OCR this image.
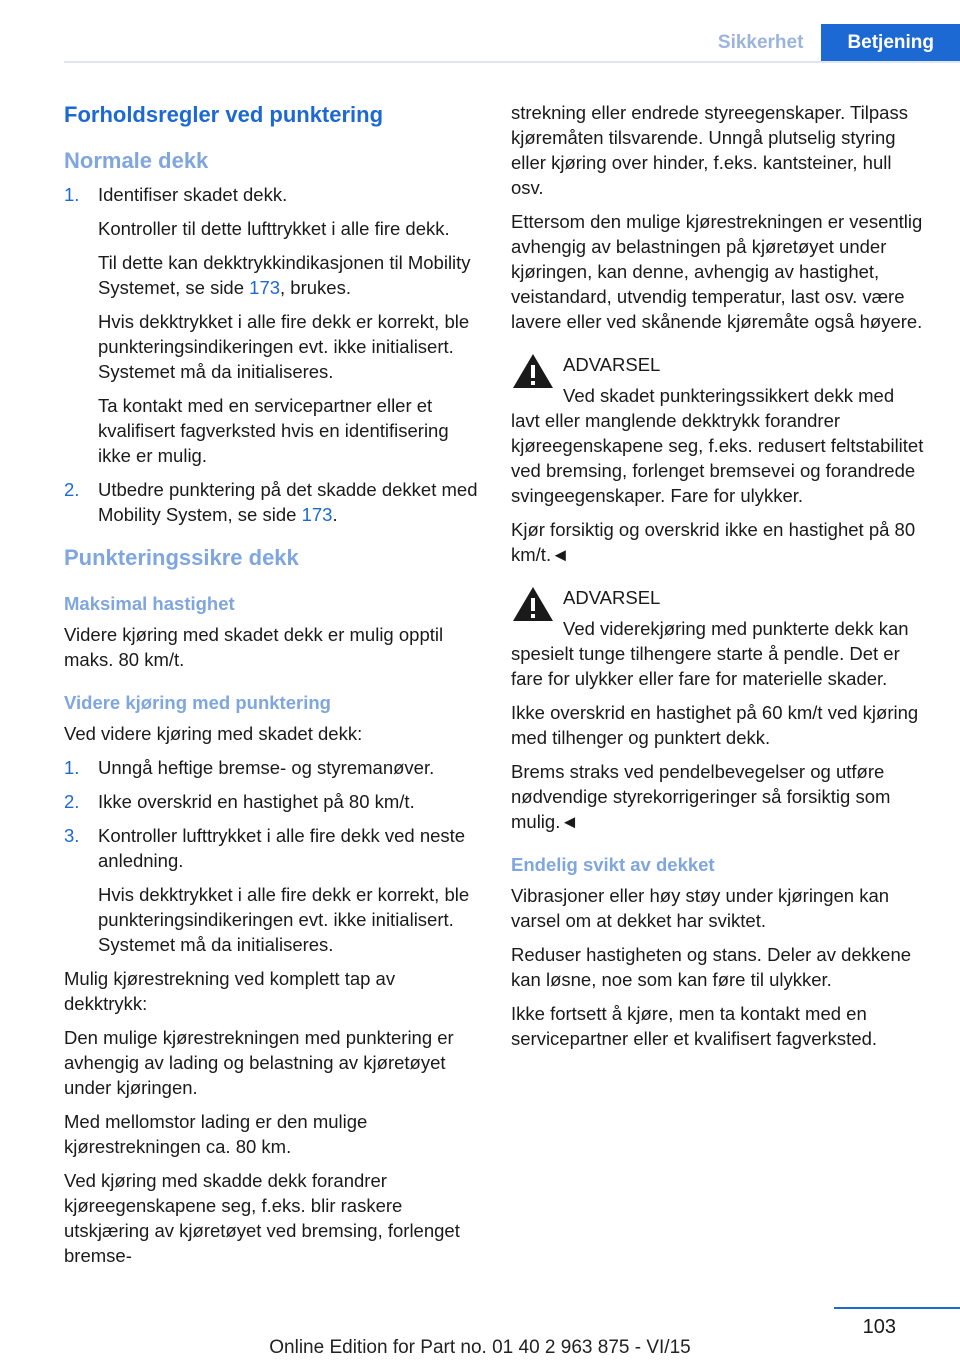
Sikkerhet	Betjening
Forholdsregler ved punktering
Normale dekk
1. Identifiser skadet dekk.

Kontroller til dette lufttrykket i alle fire dekk.

Til dette kan dekktrykkindikasjonen til Mobility Systemet, se side 173, brukes.

Hvis dekktrykket i alle fire dekk er korrekt, ble punkteringsindikeringen evt. ikke initialisert. Systemet må da initialiseres.

Ta kontakt med en servicepartner eller et kvalifisert fagverksted hvis en identifisering ikke er mulig.

2. Utbedre punktering på det skadde dekket med Mobility System, se side 173.

Punkteringssikre dekk
Maksimal hastighet

Videre kjøring med skadet dekk er mulig opptil maks. 80 km/t.

Videre kjøring med punktering

Ved videre kjøring med skadet dekk:

1. Unngå heftige bremse- og styremanøver.

2. Ikke overskrid en hastighet på 80 km/t.

3. Kontroller lufttrykket i alle fire dekk ved neste anledning.

Hvis dekktrykket i alle fire dekk er korrekt, ble punkteringsindikeringen evt. ikke initialisert. Systemet må da initialiseres.

Mulig kjørestrekning ved komplett tap av dekktrykk:

Den mulige kjørestrekningen med punktering er avhengig av lading og belastning av kjøretøyet under kjøringen.

Med mellomstor lading er den mulige kjørestrekningen ca. 80 km.

Ved kjøring med skadde dekk forandrer kjøreegenskapene seg, f.eks. blir raskere utskjæring av kjøretøyet ved bremsing, forlenget bremse-

strekning eller endrede styreegenskaper. Tilpass kjøremåten tilsvarende. Unngå plutselig styring eller kjøring over hinder, f.eks. kantsteiner, hull osv.

Ettersom den mulige kjørestrekningen er vesentlig avhengig av belastningen på kjøretøyet under kjøringen, kan denne, avhengig av hastighet, veistandard, utvendig temperatur, last osv. være lavere eller ved skånende kjøremåte også høyere.

ADVARSEL

Ved skadet punkteringssikkert dekk med lavt eller manglende dekktrykk forandrer kjøreegenskapene seg, f.eks. redusert feltstabilitet ved bremsing, forlenget bremsevei og forandrede svingeegenskaper. Fare for ulykker.

Kjør forsiktig og overskrid ikke en hastighet på 80 km/t.◄

ADVARSEL

Ved viderekjøring med punkterte dekk kan spesielt tunge tilhengere starte å pendle. Det er fare for ulykker eller fare for materielle skader.

Ikke overskrid en hastighet på 60 km/t ved kjøring med tilhenger og punktert dekk.

Brems straks ved pendelbevegelser og utføre nødvendige styrekorrigeringer så forsiktig som mulig.◄

Endelig svikt av dekket

Vibrasjoner eller høy støy under kjøringen kan varsel om at dekket har sviktet.

Reduser hastigheten og stans. Deler av dekkene kan løsne, noe som kan føre til ulykker.

Ikke fortsett å kjøre, men ta kontakt med en servicepartner eller et kvalifisert fagverksted.

103
Online Edition for Part no. 01 40 2 963 875 - VI/15
